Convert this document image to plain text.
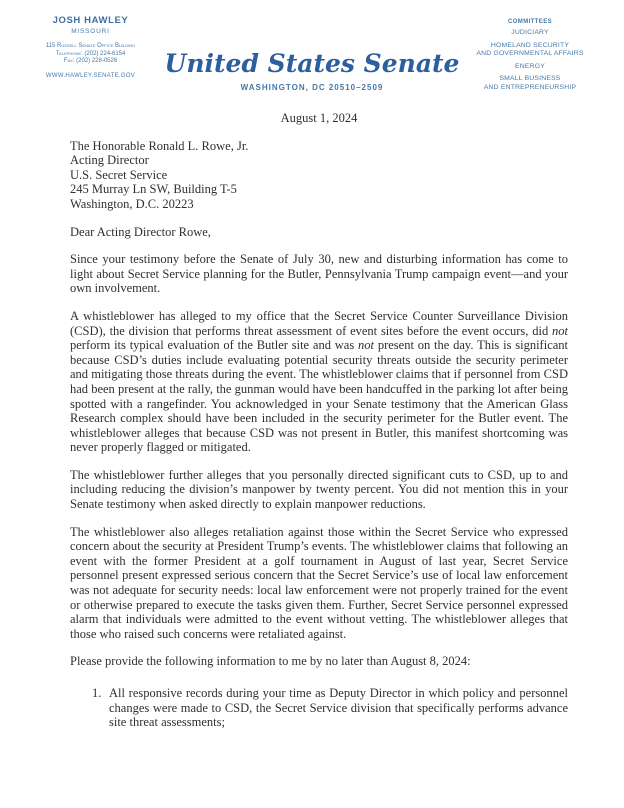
JOSH HAWLEY
MISSOURI
115 Russell Senate Office Building
Telephone: (202) 224-6154
Fax: (202) 228-0526
WWW.HAWLEY.SENATE.GOV	United States Senate
WASHINGTON, DC 20510–2509
COMMITTEES
JUDICIARY
HOMELAND SECURITY
AND GOVERNMENTAL AFFAIRS
ENERGY
SMALL BUSINESS
AND ENTREPRENEURSHIP
August 1, 2024
The Honorable Ronald L. Rowe, Jr.
Acting Director
U.S. Secret Service
245 Murray Ln SW, Building T-5
Washington, D.C. 20223
Dear Acting Director Rowe,

Since your testimony before the Senate of July 30, new and disturbing information has come to light about Secret Service planning for the Butler, Pennsylvania Trump campaign event—and your own involvement.

A whistleblower has alleged to my office that the Secret Service Counter Surveillance Division (CSD), the division that performs threat assessment of event sites before the event occurs, did not perform its typical evaluation of the Butler site and was not present on the day. This is significant because CSD’s duties include evaluating potential security threats outside the security perimeter and mitigating those threats during the event. The whistleblower claims that if personnel from CSD had been present at the rally, the gunman would have been handcuffed in the parking lot after being spotted with a rangefinder. You acknowledged in your Senate testimony that the American Glass Research complex should have been included in the security perimeter for the Butler event. The whistleblower alleges that because CSD was not present in Butler, this manifest shortcoming was never properly flagged or mitigated.

The whistleblower further alleges that you personally directed significant cuts to CSD, up to and including reducing the division’s manpower by twenty percent. You did not mention this in your Senate testimony when asked directly to explain manpower reductions.

The whistleblower also alleges retaliation against those within the Secret Service who expressed concern about the security at President Trump’s events. The whistleblower claims that following an event with the former President at a golf tournament in August of last year, Secret Service personnel present expressed serious concern that the Secret Service’s use of local law enforcement was not adequate for security needs: local law enforcement were not properly trained for the event or otherwise prepared to execute the tasks given them. Further, Secret Service personnel expressed alarm that individuals were admitted to the event without vetting. The whistleblower alleges that those who raised such concerns were retaliated against.

Please provide the following information to me by no later than August 8, 2024:
1. All responsive records during your time as Deputy Director in which policy and personnel changes were made to CSD, the Secret Service division that specifically performs advance site threat assessments;
